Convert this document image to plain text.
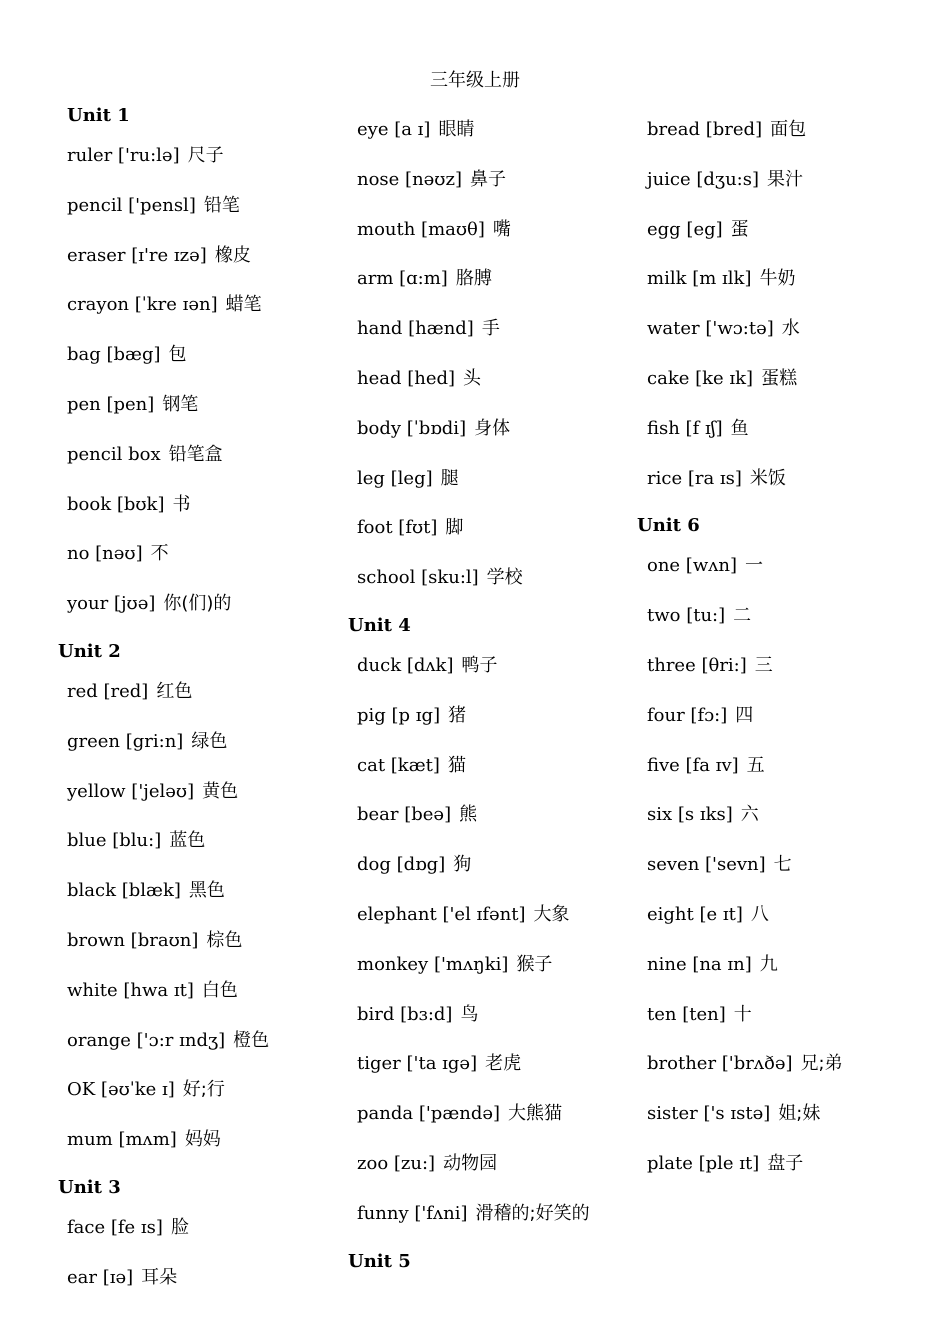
三年级上册
Unit 1
ruler ['ru:lə] 尺子
pencil ['pensl] 铅笔
eraser [ɪ're ɪzə] 橡皮
crayon [ˈkre ɪən] 蜡笔
bag [bæg] 包
pen [pen] 钢笔
pencil box 铅笔盒
book [bʊk] 书
no [nəʊ] 不
your [jʊə] 你(们)的
Unit 2
red [red] 红色
green [gri:n] 绿色
yellow ['jeləʊ] 黄色
blue [blu:] 蓝色
black [blæk] 黑色
brown [braʊn] 棕色
white [hwa ɪt] 白色
orange ['ɔ:r ɪndʒ] 橙色
OK [əʊˈke ɪ] 好;行
mum [mʌm] 妈妈
Unit 3
face [fe ɪs] 脸
ear [ɪə] 耳朵
eye [a ɪ] 眼睛
nose [nəʊz] 鼻子
mouth [maʊθ] 嘴
arm [ɑ:m] 胳膊
hand [hænd] 手
head [hed] 头
body [ˈbɒdi] 身体
leg [leg] 腿
foot [fʊt] 脚
school [sku:l] 学校
Unit 4
duck [dʌk] 鸭子
pig [p ɪg] 猪
cat [kæt] 猫
bear [beə] 熊
dog [dɒg] 狗
elephant ['el ɪfənt] 大象
monkey ['mʌŋki] 猴子
bird [bɜ:d] 鸟
tiger ['ta ɪgə] 老虎
panda ['pændə] 大熊猫
zoo [zu:] 动物园
funny ['fʌni] 滑稽的;好笑的
Unit 5
bread [bred] 面包
juice [dʒu:s] 果汁
egg [eg] 蛋
milk [m ɪlk] 牛奶
water ['wɔ:tə] 水
cake [ke ɪk] 蛋糕
fish [f ɪʃ] 鱼
rice [ra ɪs] 米饭
Unit 6
one [wʌn] 一
two [tu:] 二
three [θri:] 三
four [fɔ:] 四
five [fa ɪv] 五
six [s ɪks] 六
seven ['sevn] 七
eight [e ɪt] 八
nine [na ɪn] 九
ten [ten] 十
brother ['brʌðə] 兄;弟
sister ['s ɪstə] 姐;妹
plate [ple ɪt] 盘子
